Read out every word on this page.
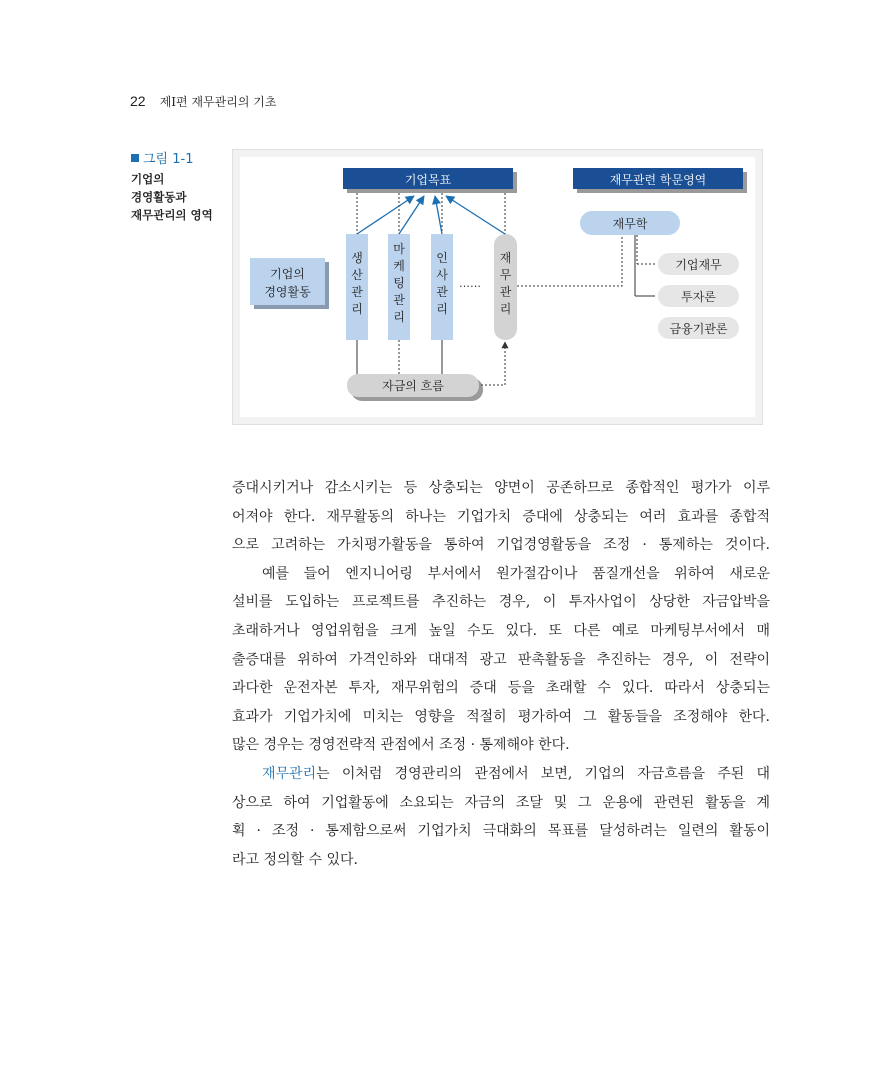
22 제Ⅰ편 재무관리의 기초
그림 1-1
기업의
경영활동과
재무관리의 영역
기업목표	재무관련 학문영역
기업의
경영활동
생 산 관 리
마 케 팅 관 리
인 사 관 리
……
재 무 관 리
자금의 흐름
재무학
기업재무
투자론
금융기관론
증대시키거나 감소시키는 등 상충되는 양면이 공존하므로 종합적인 평가가 이루
어져야 한다. 재무활동의 하나는 기업가치 증대에 상충되는 여러 효과를 종합적
으로 고려하는 가치평가활동을 통하여 기업경영활동을 조정 · 통제하는 것이다.
예를 들어 엔지니어링 부서에서 원가절감이나 품질개선을 위하여 새로운
설비를 도입하는 프로젝트를 추진하는 경우, 이 투자사업이 상당한 자금압박을
초래하거나 영업위험을 크게 높일 수도 있다. 또 다른 예로 마케팅부서에서 매
출증대를 위하여 가격인하와 대대적 광고 판촉활동을 추진하는 경우, 이 전략이
과다한 운전자본 투자, 재무위험의 증대 등을 초래할 수 있다. 따라서 상충되는
효과가 기업가치에 미치는 영향을 적절히 평가하여 그 활동들을 조정해야 한다.
많은 경우는 경영전략적 관점에서 조정 · 통제해야 한다.
재무관리는 이처럼 경영관리의 관점에서 보면, 기업의 자금흐름을 주된 대
상으로 하여 기업활동에 소요되는 자금의 조달 및 그 운용에 관련된 활동을 계
획 · 조정 · 통제함으로써 기업가치 극대화의 목표를 달성하려는 일련의 활동이
라고 정의할 수 있다.
